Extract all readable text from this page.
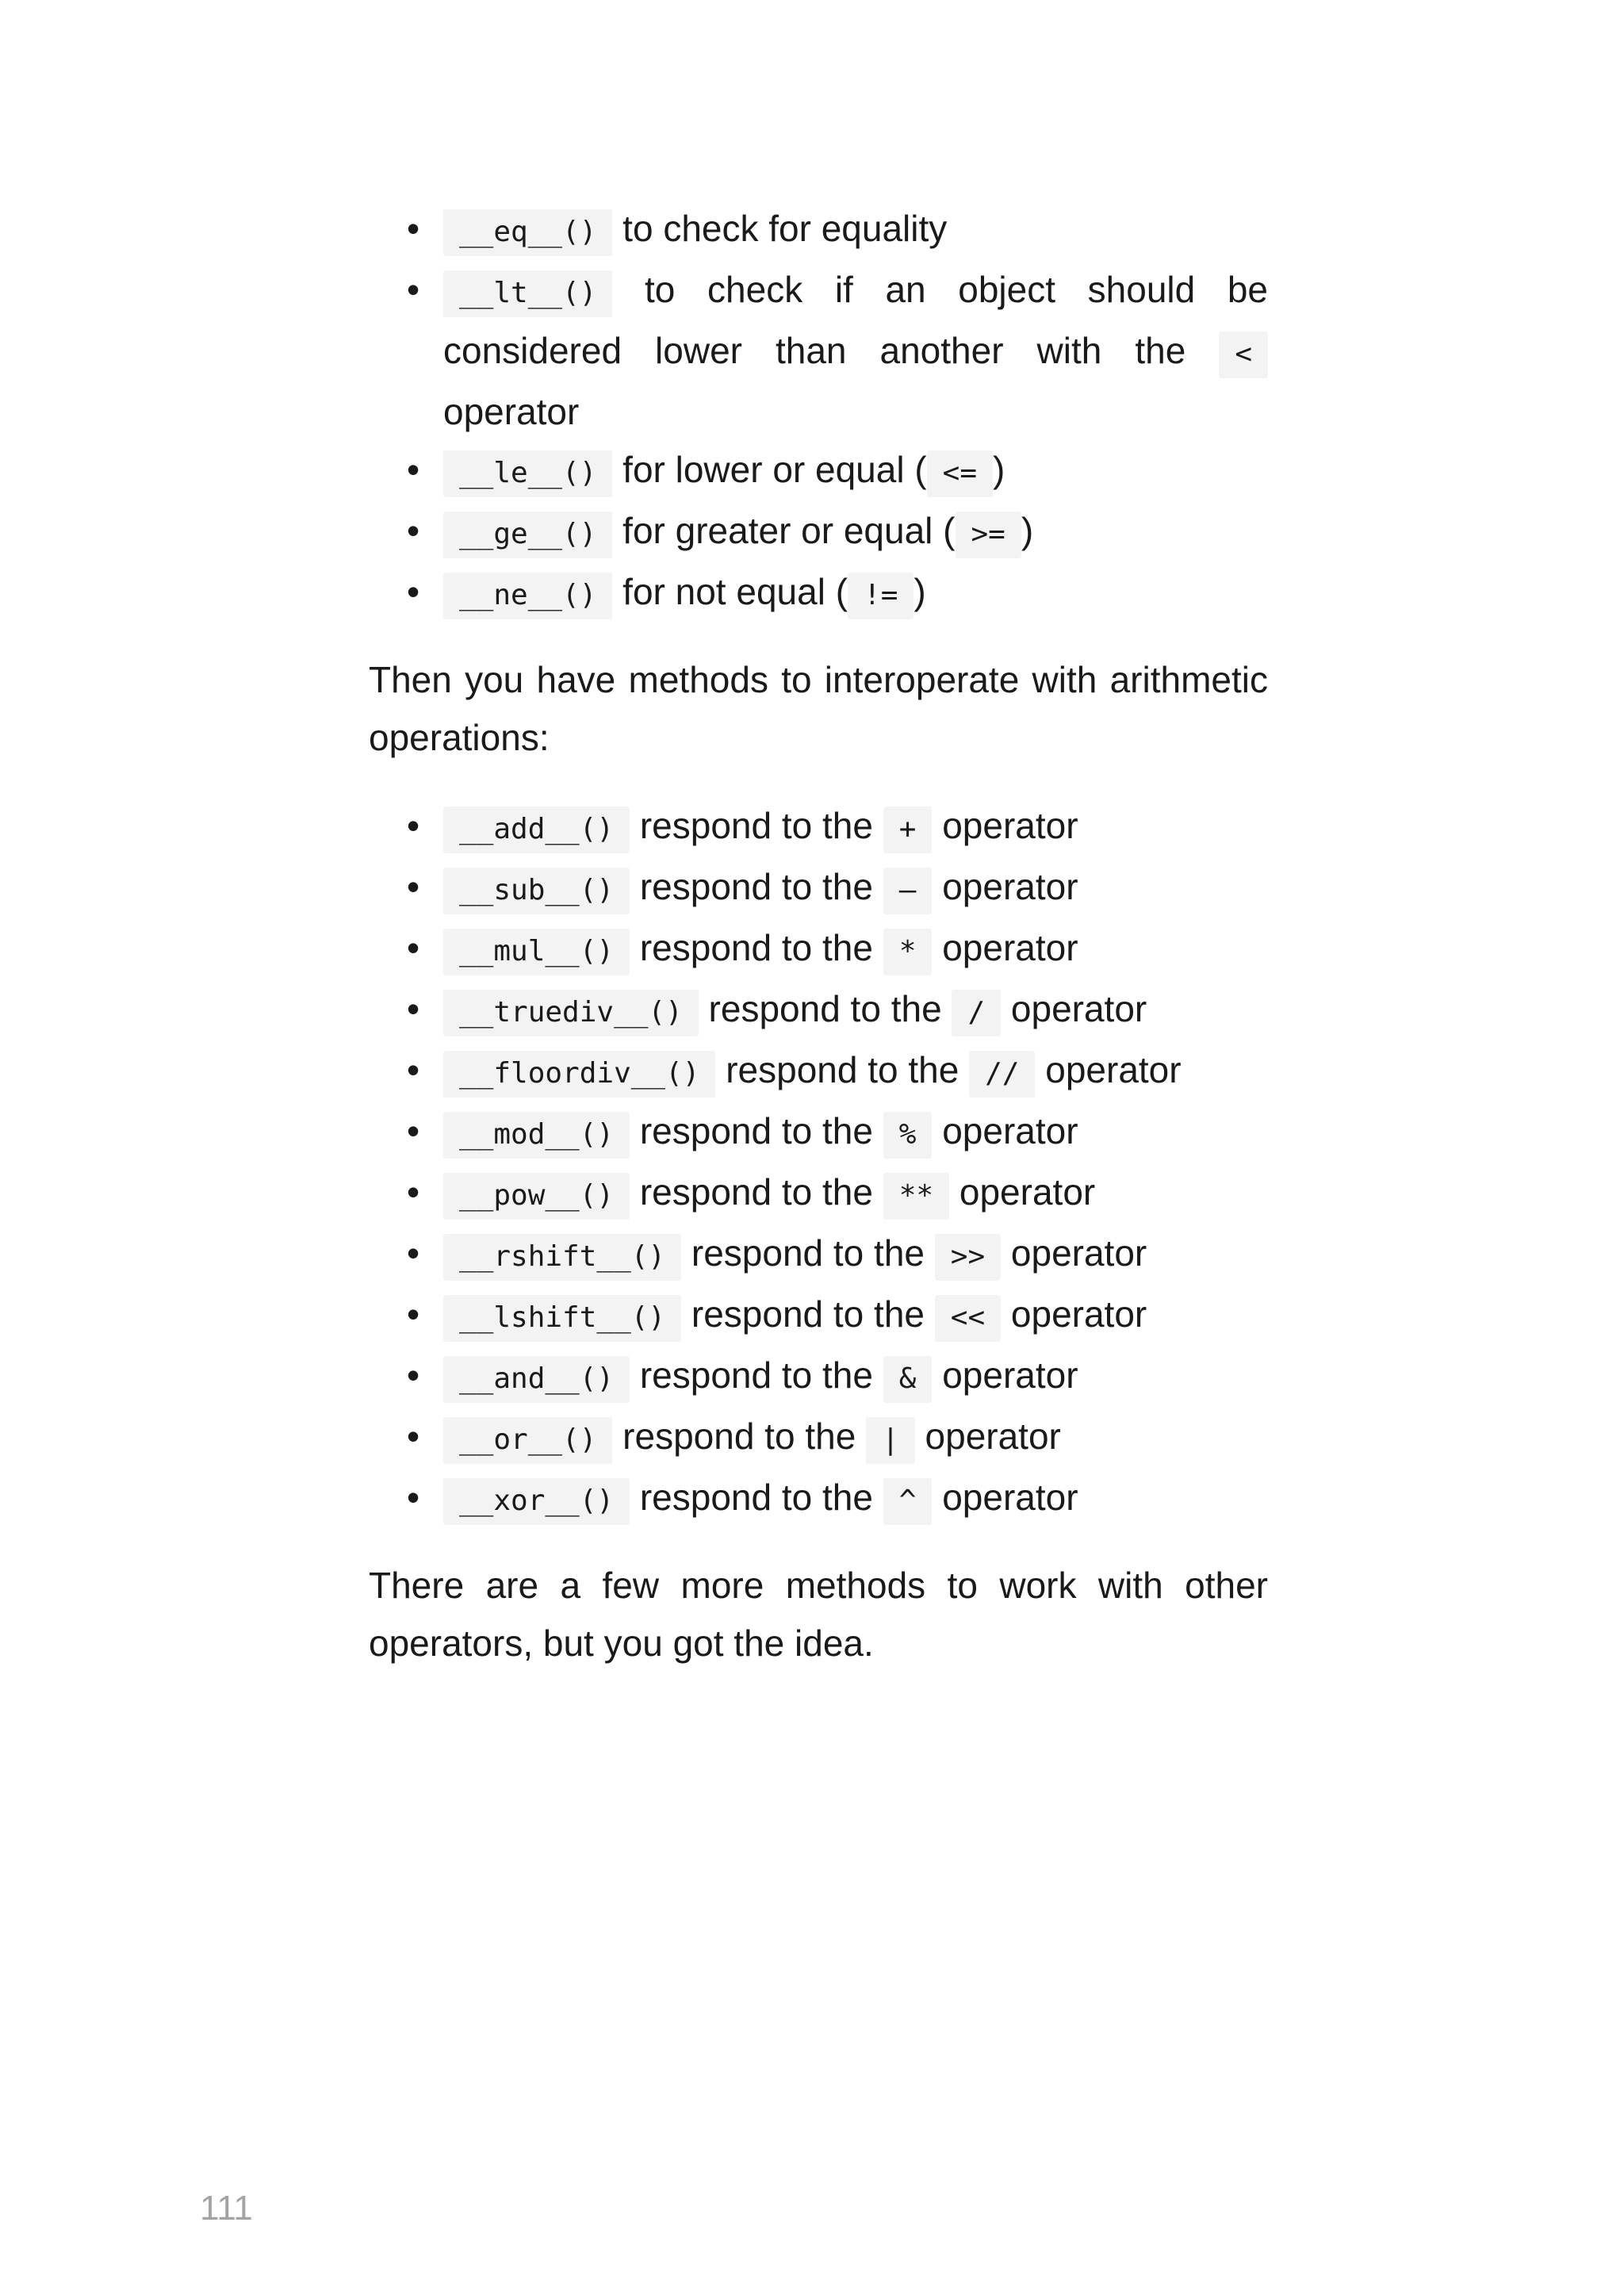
• __eq__() to check for equality
• __lt__() to check if an object should be considered lower than another with the < operator
• __le__() for lower or equal ( <= )
• __ge__() for greater or equal ( >= )
• __ne__() for not equal ( != )

Then you have methods to interoperate with arithmetic operations:

• __add__() respond to the + operator
• __sub__() respond to the – operator
• __mul__() respond to the * operator
• __truediv__() respond to the / operator
• __floordiv__() respond to the // operator
• __mod__() respond to the % operator
• __pow__() respond to the ** operator
• __rshift__() respond to the >> operator
• __lshift__() respond to the << operator
• __and__() respond to the & operator
• __or__() respond to the | operator
• __xor__() respond to the ^ operator

There are a few more methods to work with other operators, but you got the idea.

111
